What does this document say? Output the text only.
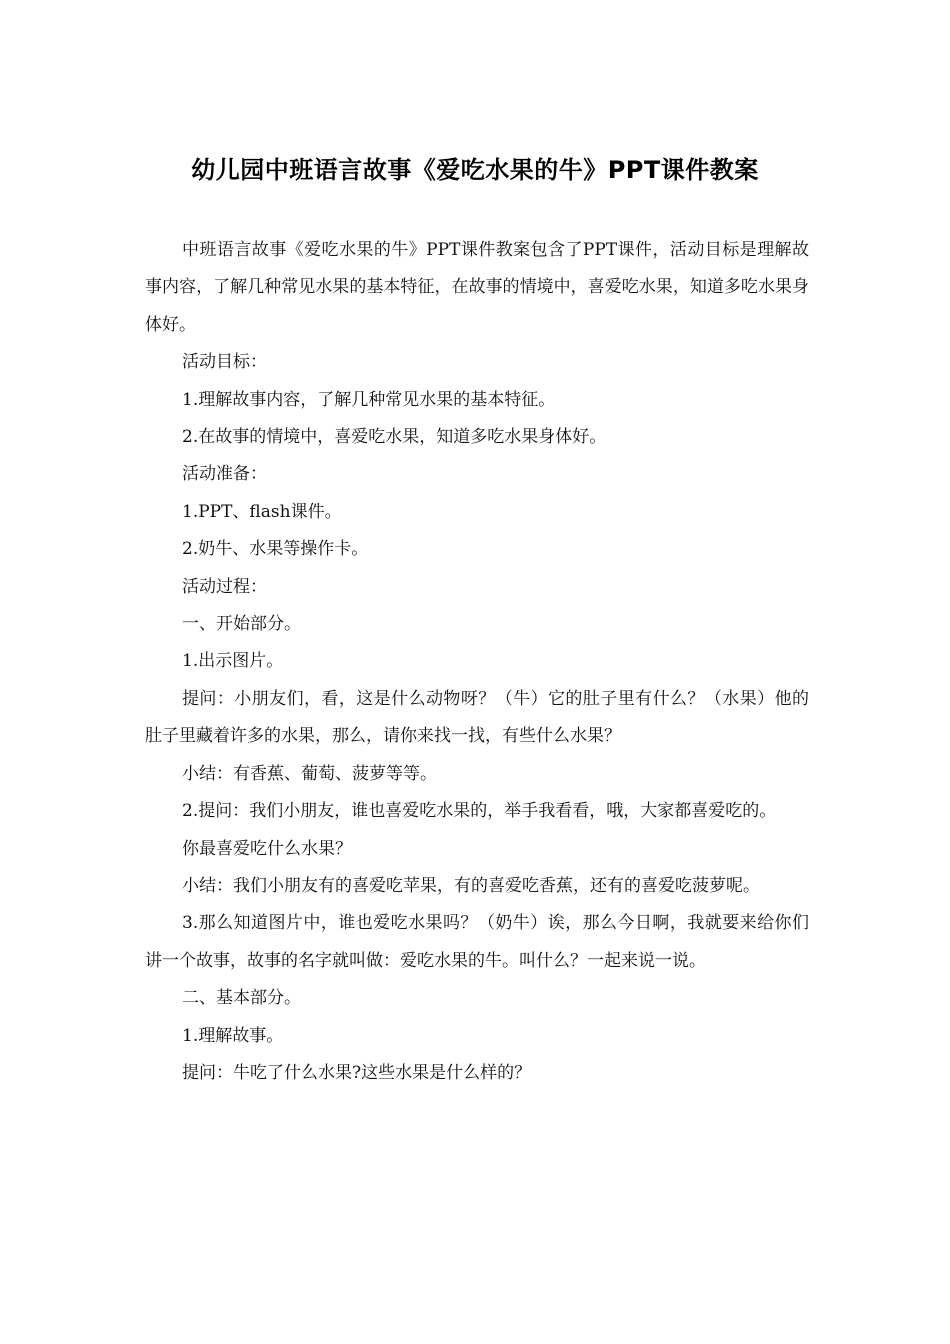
幼儿园中班语言故事《爱吃水果的牛》PPT课件教案

中班语言故事《爱吃水果的牛》PPT课件教案包含了PPT课件，活动目标是理解故事内容，了解几种常见水果的基本特征，在故事的情境中，喜爱吃水果，知道多吃水果身体好。

活动目标：

1.理解故事内容，了解几种常见水果的基本特征。

2.在故事的情境中，喜爱吃水果，知道多吃水果身体好。

活动准备：

1.PPT、flash课件。

2.奶牛、水果等操作卡。

活动过程：

一、开始部分。

1.出示图片。

提问：小朋友们，看，这是什么动物呀？（牛）它的肚子里有什么？（水果）他的肚子里藏着许多的水果，那么，请你来找一找，有些什么水果？

小结：有香蕉、葡萄、菠萝等等。

2.提问：我们小朋友，谁也喜爱吃水果的，举手我看看，哦，大家都喜爱吃的。

你最喜爱吃什么水果？

小结：我们小朋友有的喜爱吃苹果，有的喜爱吃香蕉，还有的喜爱吃菠萝呢。

3.那么知道图片中，谁也爱吃水果吗？（奶牛）诶，那么今日啊，我就要来给你们讲一个故事，故事的名字就叫做：爱吃水果的牛。叫什么？一起来说一说。

二、基本部分。

1.理解故事。

提问：牛吃了什么水果?这些水果是什么样的？
